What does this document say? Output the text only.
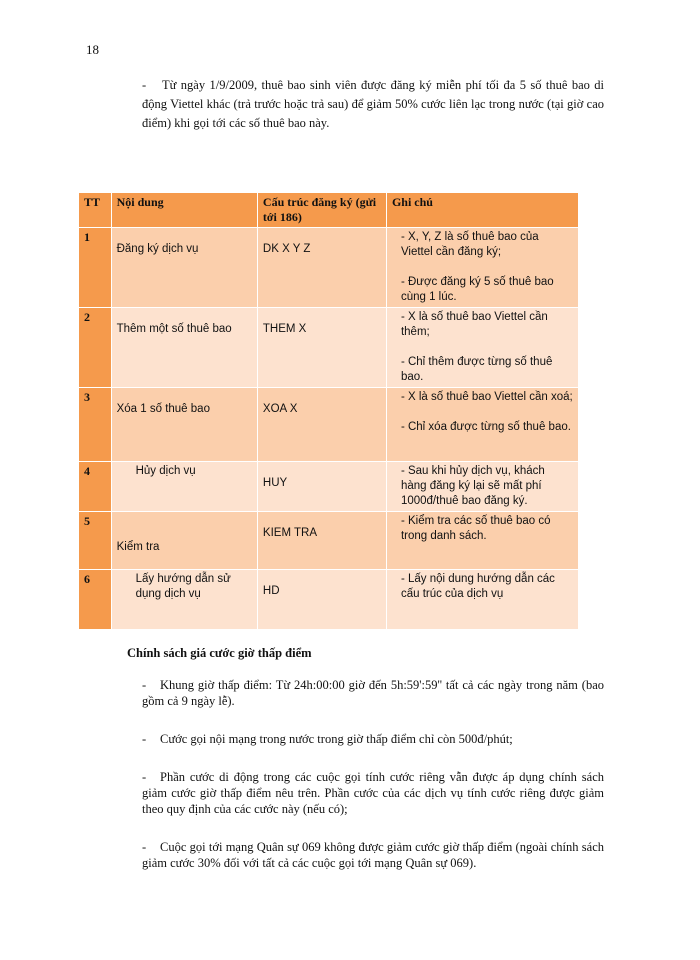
18

- Từ ngày 1/9/2009, thuê bao sinh viên được đăng ký miễn phí tối đa 5 số thuê bao di động Viettel khác (trả trước hoặc trả sau) để giảm 50% cước liên lạc trong nước (tại giờ cao điểm) khi gọi tới các số thuê bao này.

TT	Nội dung	Cấu trúc đăng ký (gửi tới 186)	Ghi chú
1	Đăng ký dịch vụ	DK X Y Z	- X, Y, Z là số thuê bao của Viettel cần đăng ký;

- Được đăng ký 5 số thuê bao cùng 1 lúc.

2	Thêm một số thuê bao	THEM X	- X là số thuê bao Viettel cần thêm;

- Chỉ thêm được từng số thuê bao.

3	Xóa 1 số thuê bao	XOA X	- X là số thuê bao Viettel cần xoá;

- Chỉ xóa được từng số thuê bao.

4	Hủy dịch vụ	HUY	- Sau khi hủy dịch vụ, khách hàng đăng ký lại sẽ mất phí 1000đ/thuê bao đăng ký.

5	Kiểm tra	KIEM TRA	- Kiểm tra các số thuê bao có trong danh sách.

6	Lấy hướng dẫn sử dụng dịch vụ	HD	- Lấy nội dung hướng dẫn các cấu trúc của dịch vụ

Chính sách giá cước giờ thấp điểm

- Khung giờ thấp điểm: Từ 24h:00:00 giờ đến 5h:59':59'' tất cả các ngày trong năm (bao gồm cả 9 ngày lễ).

- Cước gọi nội mạng trong nước trong giờ thấp điểm chỉ còn 500đ/phút;

- Phần cước di động trong các cuộc gọi tính cước riêng vẫn được áp dụng chính sách giảm cước giờ thấp điểm nêu trên. Phần cước của các dịch vụ tính cước riêng được giảm theo quy định của các cước này (nếu có);

- Cuộc gọi tới mạng Quân sự 069 không được giảm cước giờ thấp điểm (ngoài chính sách giảm cước 30% đối với tất cả các cuộc gọi tới mạng Quân sự 069).
